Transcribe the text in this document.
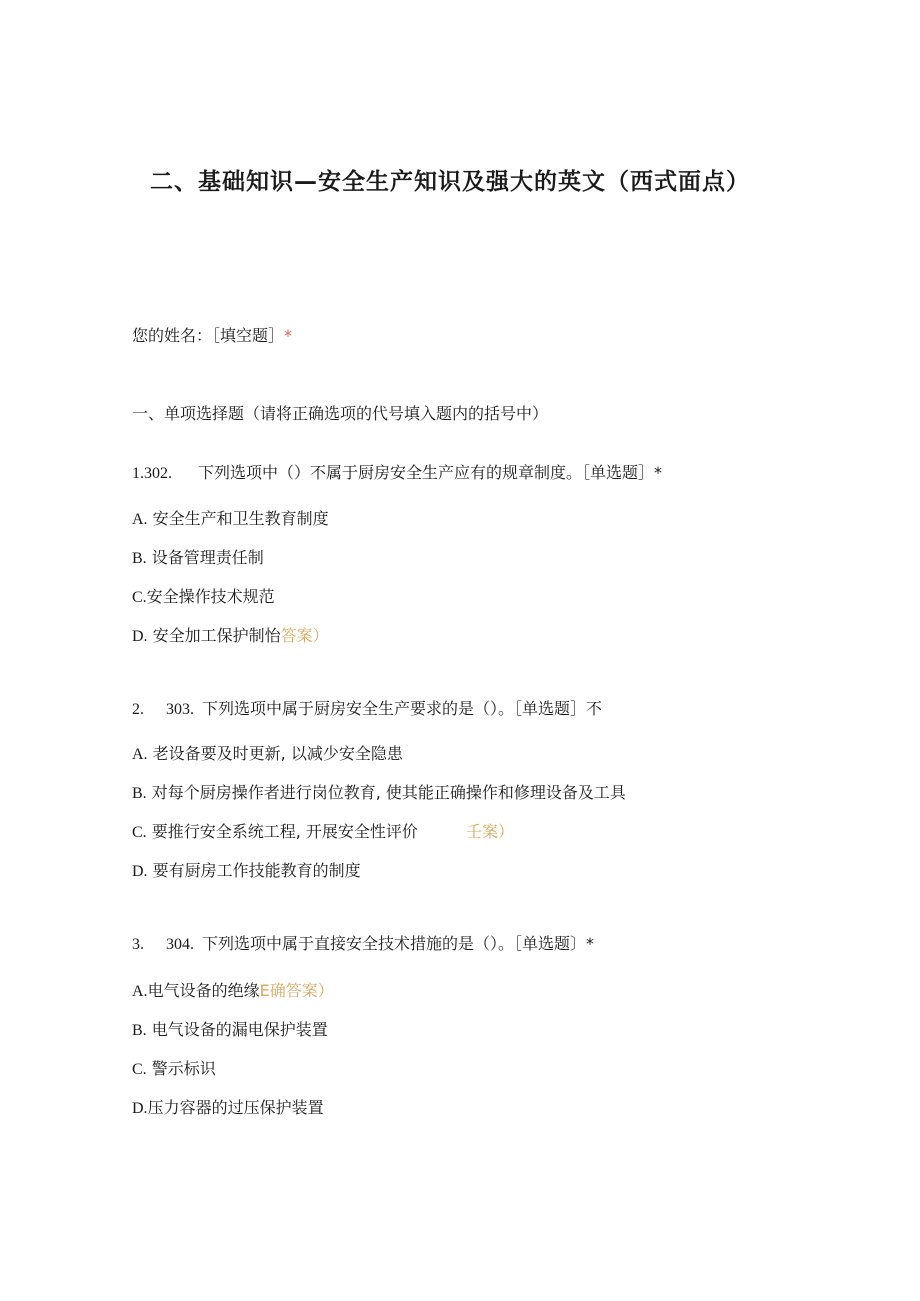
二、基础知识—安全生产知识及强大的英文（西式面点）
您的姓名：［填空题］*
一、单项选择题（请将正确选项的代号填入题内的括号中）
1.302. 下列选项中（）不属于厨房安全生产应有的规章制度。［单选题］*
A. 安全生产和卫生教育制度
B. 设备管理责任制
C.安全操作技术规范
D. 安全加工保护制怡答案）
2. 303. 下列选项中属于厨房安全生产要求的是（）。［单选题］不
A. 老设备要及时更新, 以减少安全隐患
B. 对每个厨房操作者进行岗位教育, 使其能正确操作和修理设备及工具
C. 要推行安全系统工程, 开展安全性评价	壬案）
D. 要有厨房工作技能教育的制度
3. 304. 下列选项中属于直接安全技术措施的是（）。［单选题〕*
A.电气设备的绝缘E确答案）
B. 电气设备的漏电保护装置
C. 警示标识
D.压力容器的过压保护装置
